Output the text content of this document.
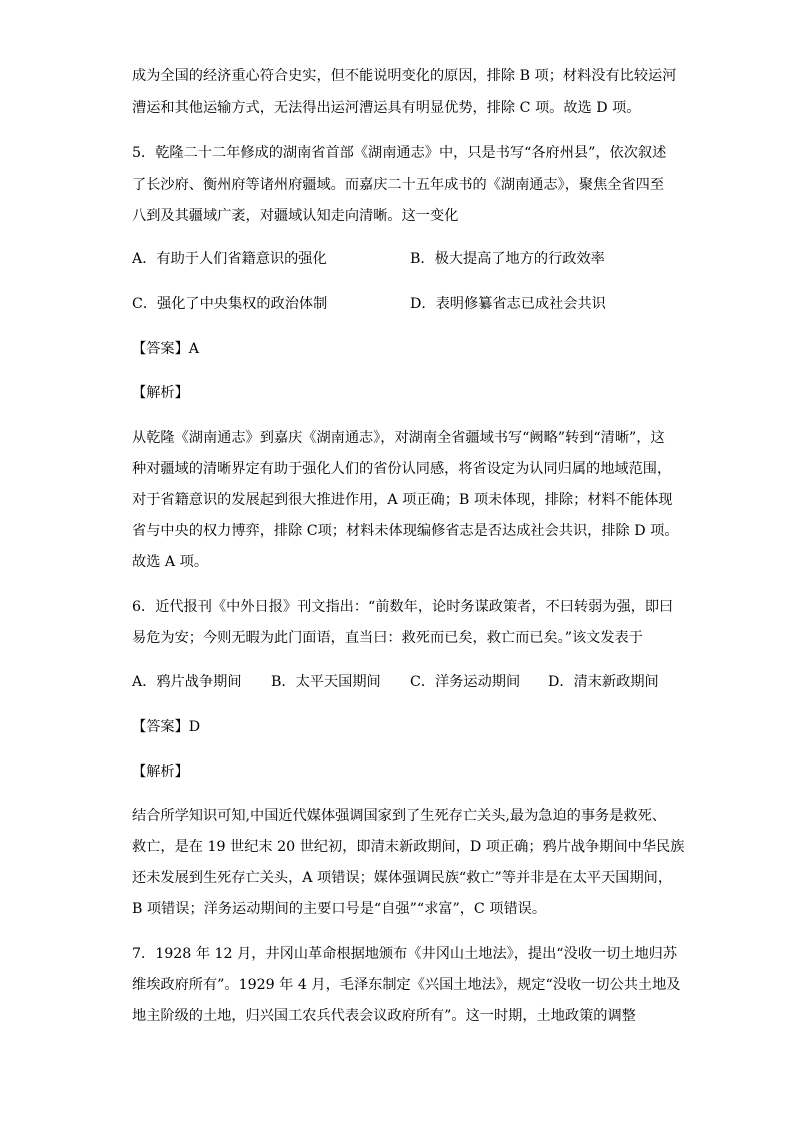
成为全国的经济重心符合史实，但不能说明变化的原因，排除 B 项；材料没有比较运河
漕运和其他运输方式，无法得出运河漕运具有明显优势，排除 C 项。故选 D 项。
5．乾隆二十二年修成的湖南省首部《湖南通志》中，只是书写“各府州县”，依次叙述
了长沙府、衡州府等诸州府疆域。而嘉庆二十五年成书的《湖南通志》，聚焦全省四至
八到及其疆域广袤，对疆域认知走向清晰。这一变化
A．有助于人们省籍意识的强化	B．极大提高了地方的行政效率
C．强化了中央集权的政治体制	D．表明修纂省志已成社会共识
【答案】A
【解析】
从乾隆《湖南通志》到嘉庆《湖南通志》，对湖南全省疆域书写“阙略”转到“清晰”，这
种对疆域的清晰界定有助于强化人们的省份认同感，将省设定为认同归属的地域范围，
对于省籍意识的发展起到很大推进作用，A 项正确；B 项未体现，排除；材料不能体现
省与中央的权力博弈，排除 C项；材料未体现编修省志是否达成社会共识，排除 D 项。
故选 A 项。
6．近代报刊《中外日报》刊文指出：“前数年，论时务谋政策者，不曰转弱为强，即曰
易危为安；今则无暇为此门面语，直当曰：救死而已矣，救亡而已矣。”该文发表于
A．鸦片战争期间 B．太平天国期间 C．洋务运动期间 D．清末新政期间
【答案】D
【解析】
结合所学知识可知,中国近代媒体强调国家到了生死存亡关头,最为急迫的事务是救死、
救亡，是在 19 世纪末 20 世纪初，即清末新政期间，D 项正确；鸦片战争期间中华民族
还未发展到生死存亡关头，A 项错误；媒体强调民族“救亡”等并非是在太平天国期间，
B 项错误；洋务运动期间的主要口号是“自强”“求富”，C 项错误。
7．1928 年 12 月，井冈山革命根据地颁布《井冈山土地法》，提出“没收一切土地归苏
维埃政府所有”。1929 年 4 月，毛泽东制定《兴国土地法》，规定“没收一切公共土地及
地主阶级的土地，归兴国工农兵代表会议政府所有”。这一时期，土地政策的调整
